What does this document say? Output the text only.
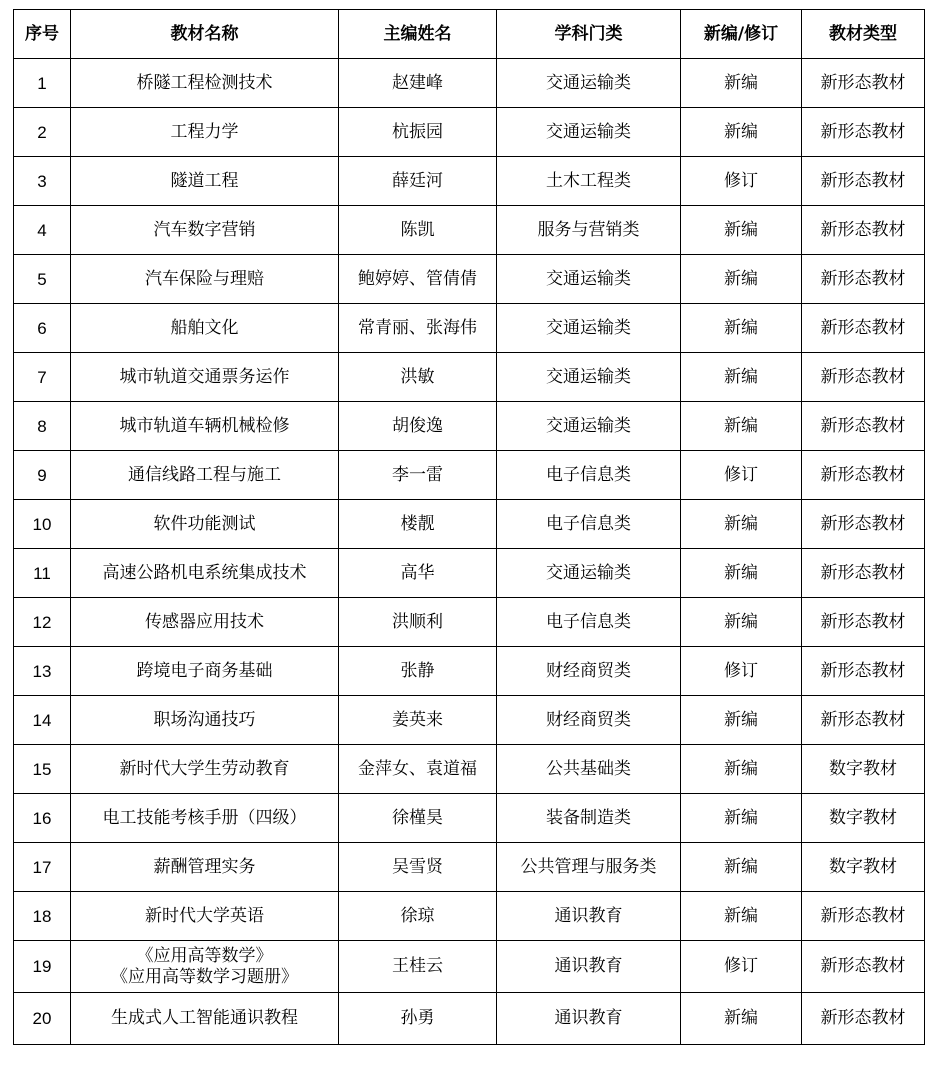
序号	教材名称	主编姓名	学科门类	新编/修订	教材类型
1	桥隧工程检测技术	赵建峰	交通运输类	新编	新形态教材
2	工程力学	杭振园	交通运输类	新编	新形态教材
3	隧道工程	薛廷河	土木工程类	修订	新形态教材
4	汽车数字营销	陈凯	服务与营销类	新编	新形态教材
5	汽车保险与理赔	鲍婷婷、管倩倩	交通运输类	新编	新形态教材
6	船舶文化	常青丽、张海伟	交通运输类	新编	新形态教材
7	城市轨道交通票务运作	洪敏	交通运输类	新编	新形态教材
8	城市轨道车辆机械检修	胡俊逸	交通运输类	新编	新形态教材
9	通信线路工程与施工	李一雷	电子信息类	修订	新形态教材
10	软件功能测试	楼靓	电子信息类	新编	新形态教材
11	高速公路机电系统集成技术	高华	交通运输类	新编	新形态教材
12	传感器应用技术	洪顺利	电子信息类	新编	新形态教材
13	跨境电子商务基础	张静	财经商贸类	修订	新形态教材
14	职场沟通技巧	姜英来	财经商贸类	新编	新形态教材
15	新时代大学生劳动教育	金萍女、袁道福	公共基础类	新编	数字教材
16	电工技能考核手册（四级）	徐槿昊	装备制造类	新编	数字教材
17	薪酬管理实务	吴雪贤	公共管理与服务类	新编	数字教材
18	新时代大学英语	徐琼	通识教育	新编	新形态教材
19	《应用高等数学》
《应用高等数学习题册》	王桂云	通识教育	修订	新形态教材
20	生成式人工智能通识教程	孙勇	通识教育	新编	新形态教材
